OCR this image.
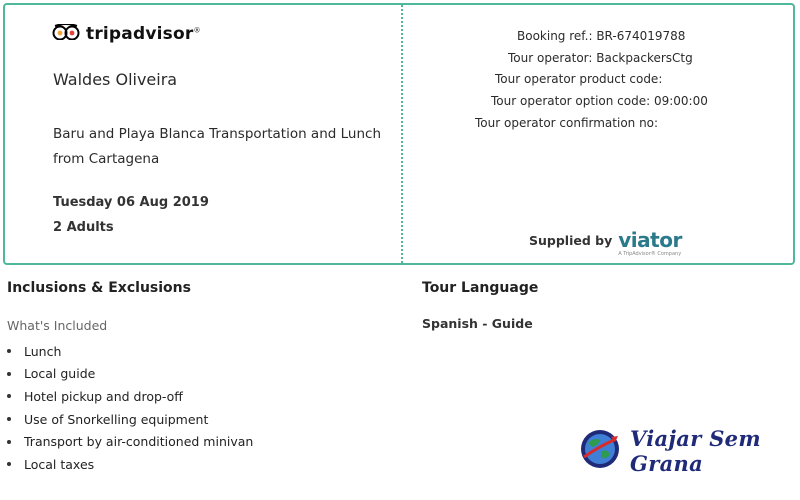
tripadvisor®
Waldes Oliveira
Baru and Playa Blanca Transportation and Lunch
from Cartagena
Tuesday 06 Aug 2019
2 Adults
Booking ref.: BR-674019788
Tour operator: BackpackersCtg
Tour operator product code:
Tour operator option code: 09:00:00
Tour operator confirmation no:
Supplied by viator
A TripAdvisor® Company
Inclusions & Exclusions
What's Included
Lunch
Local guide
Hotel pickup and drop-off
Use of Snorkelling equipment
Transport by air-conditioned minivan
Local taxes
Tour Language
Spanish - Guide
Viajar Sem Grana
